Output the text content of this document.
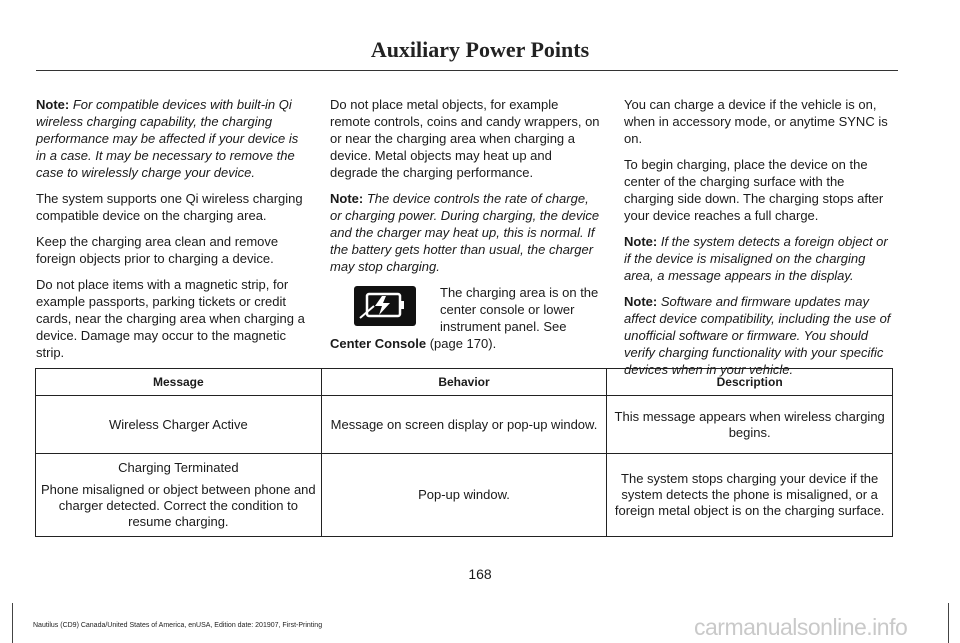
Auxiliary Power Points

Note: For compatible devices with built-in Qi wireless charging capability, the charging performance may be affected if your device is in a case. It may be necessary to remove the case to wirelessly charge your device.

The system supports one Qi wireless charging compatible device on the charging area.

Keep the charging area clean and remove foreign objects prior to charging a device.

Do not place items with a magnetic strip, for example passports, parking tickets or credit cards, near the charging area when charging a device. Damage may occur to the magnetic strip.

Do not place metal objects, for example remote controls, coins and candy wrappers, on or near the charging area when charging a device. Metal objects may heat up and degrade the charging performance.

Note: The device controls the rate of charge, or charging power. During charging, the device and the charger may heat up, this is normal. If the battery gets hotter than usual, the charger may stop charging.

The charging area is on the center console or lower instrument panel. See Center Console (page 170).

You can charge a device if the vehicle is on, when in accessory mode, or anytime SYNC is on.

To begin charging, place the device on the center of the charging surface with the charging side down. The charging stops after your device reaches a full charge.

Note: If the system detects a foreign object or if the device is misaligned on the charging area, a message appears in the display.

Note: Software and firmware updates may affect device compatibility, including the use of unofficial software or firmware. You should verify charging functionality with your specific devices when in your vehicle.

Message	Behavior	Description

Wireless Charger Active	Message on screen display or pop-up window.	This message appears when wireless charging begins.

Charging Terminated

Phone misaligned or object between phone and charger detected. Correct the condition to resume charging.	Pop-up window.	The system stops charging your device if the system detects the phone is misaligned, or a foreign metal object is on the charging surface.
168
Nautilus (CD9) Canada/United States of America, enUSA, Edition date: 201907, First-Printing	carmanualsonline.info
